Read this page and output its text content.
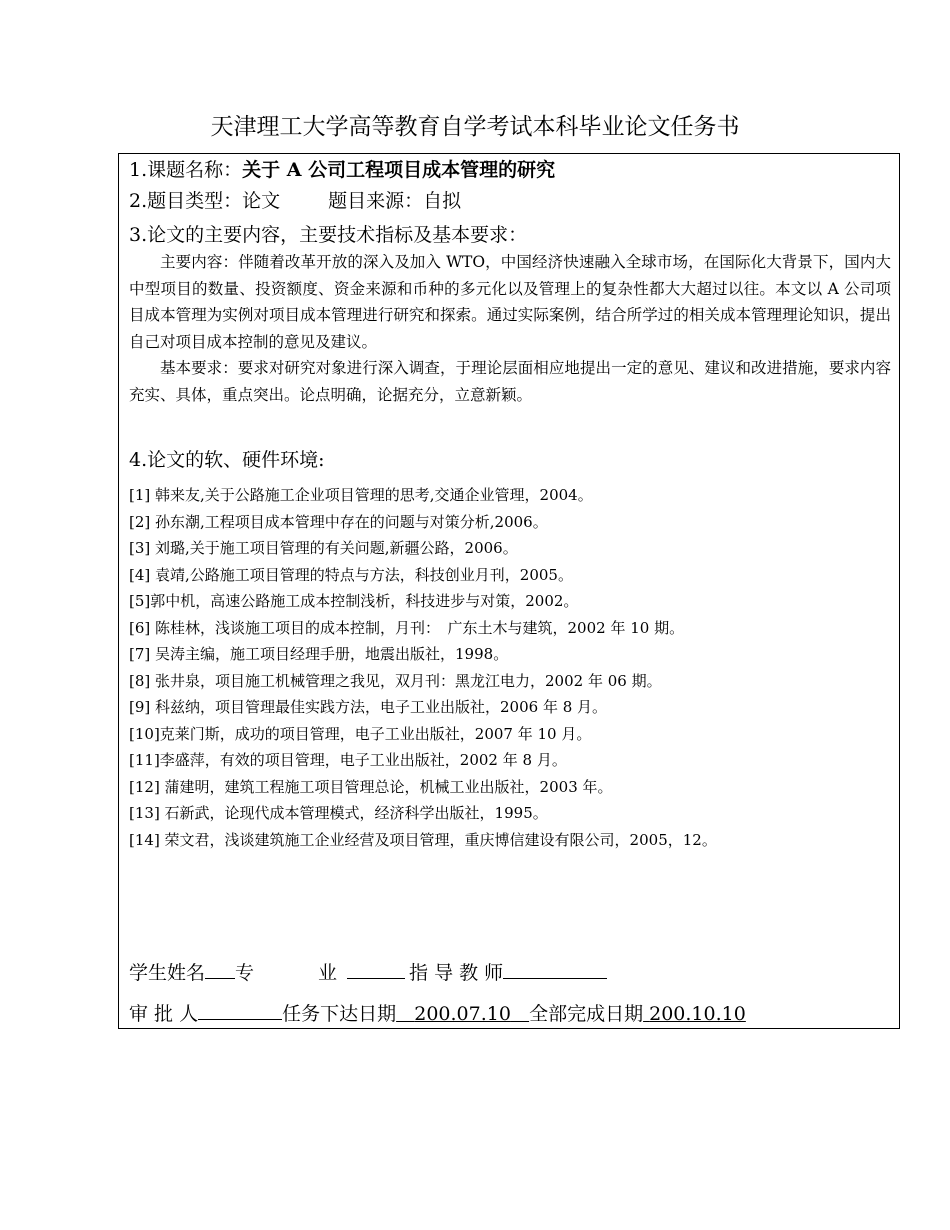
天津理工大学高等教育自学考试本科毕业论文任务书
1.课题名称：关于 A 公司工程项目成本管理的研究
2.题目类型：论文	题目来源：自拟
3.论文的主要内容，主要技术指标及基本要求：
主要内容：伴随着改革开放的深入及加入 WTO，中国经济快速融入全球市场，在国际化大背景下，国内大中型项目的数量、投资额度、资金来源和币种的多元化以及管理上的复杂性都大大超过以往。本文以 A 公司项目成本管理为实例对项目成本管理进行研究和探索。通过实际案例，结合所学过的相关成本管理理论知识，提出自己对项目成本控制的意见及建议。
基本要求：要求对研究对象进行深入调查，于理论层面相应地提出一定的意见、建议和改进措施，要求内容充实、具体，重点突出。论点明确，论据充分，立意新颖。
4.论文的软、硬件环境:
[1] 韩来友,关于公路施工企业项目管理的思考,交通企业管理，2004。
[2] 孙东潮,工程项目成本管理中存在的问题与对策分析,2006。
[3] 刘璐,关于施工项目管理的有关问题,新疆公路，2006。
[4] 袁靖,公路施工项目管理的特点与方法，科技创业月刊，2005。
[5]郭中机，高速公路施工成本控制浅析，科技进步与对策，2002。
[6] 陈桂林，浅谈施工项目的成本控制，月刊：　广东土木与建筑，2002 年 10 期。
[7] 吴涛主编，施工项目经理手册，地震出版社，1998。
[8] 张井泉，项目施工机械管理之我见，双月刊：黑龙江电力，2002 年 06 期。
[9] 科兹纳，项目管理最佳实践方法，电子工业出版社，2006 年 8 月。
[10]克莱门斯，成功的项目管理，电子工业出版社，2007 年 10 月。
[11]李盛萍，有效的项目管理，电子工业出版社，2002 年 8 月。
[12] 蒲建明，建筑工程施工项目管理总论，机械工业出版社，2003 年。
[13] 石新武，论现代成本管理模式，经济科学出版社，1995。
[14] 荣文君，浅谈建筑施工企业经营及项目管理，重庆博信建设有限公司，2005，12。
学生姓名 专	业	指 导 教 师
审 批 人	任务下达日期 200.07.10 全部完成日期 200.10.10
